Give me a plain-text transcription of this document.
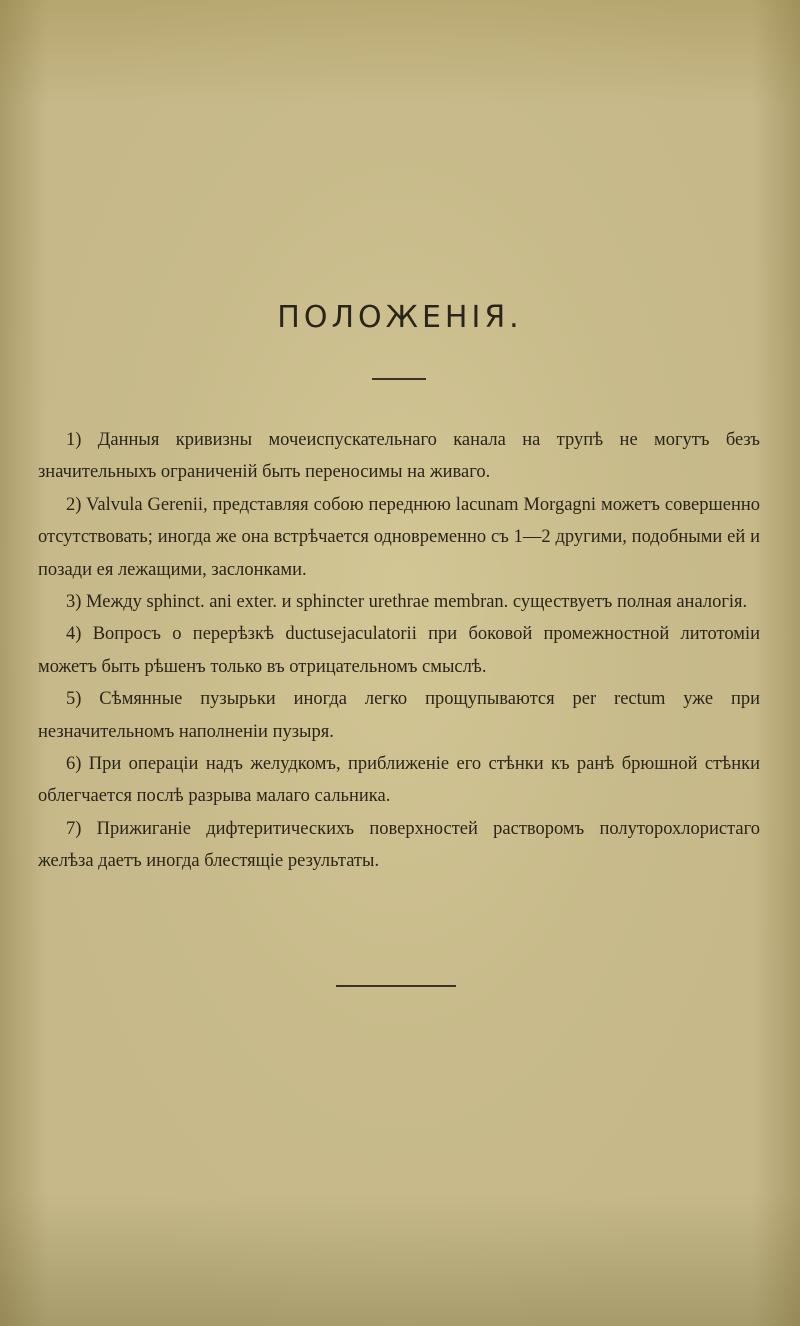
ПОЛОЖЕНІЯ.

1) Данныя кривизны мочеиспускательнаго канала на трупѣ не могутъ безъ значительныхъ ограниченій быть переносимы на живаго.

2) Valvula Gerenii, представляя собою переднюю lacunam Morgagni можетъ совершенно отсутствовать; иногда же она встрѣчается одновременно съ 1—2 другими, подобными ей и позади ея лежащими, заслонками.

3) Между sphinct. ani exter. и sphincter urethrae membran. существуетъ полная аналогія.

4) Вопросъ о перерѣзкѣ ductusejaculatorii при боковой промежностной литотоміи можетъ быть рѣшенъ только въ отрицательномъ смыслѣ.

5) Сѣмянные пузырьки иногда легко прощупываются per rectum уже при незначительномъ наполненіи пузыря.

6) При операціи надъ желудкомъ, приближеніе его стѣнки къ ранѣ брюшной стѣнки облегчается послѣ разрыва малаго сальника.

7) Прижиганіе дифтеритическихъ поверхностей растворомъ полуторохлористаго желѣза даетъ иногда блестящіе результаты.
